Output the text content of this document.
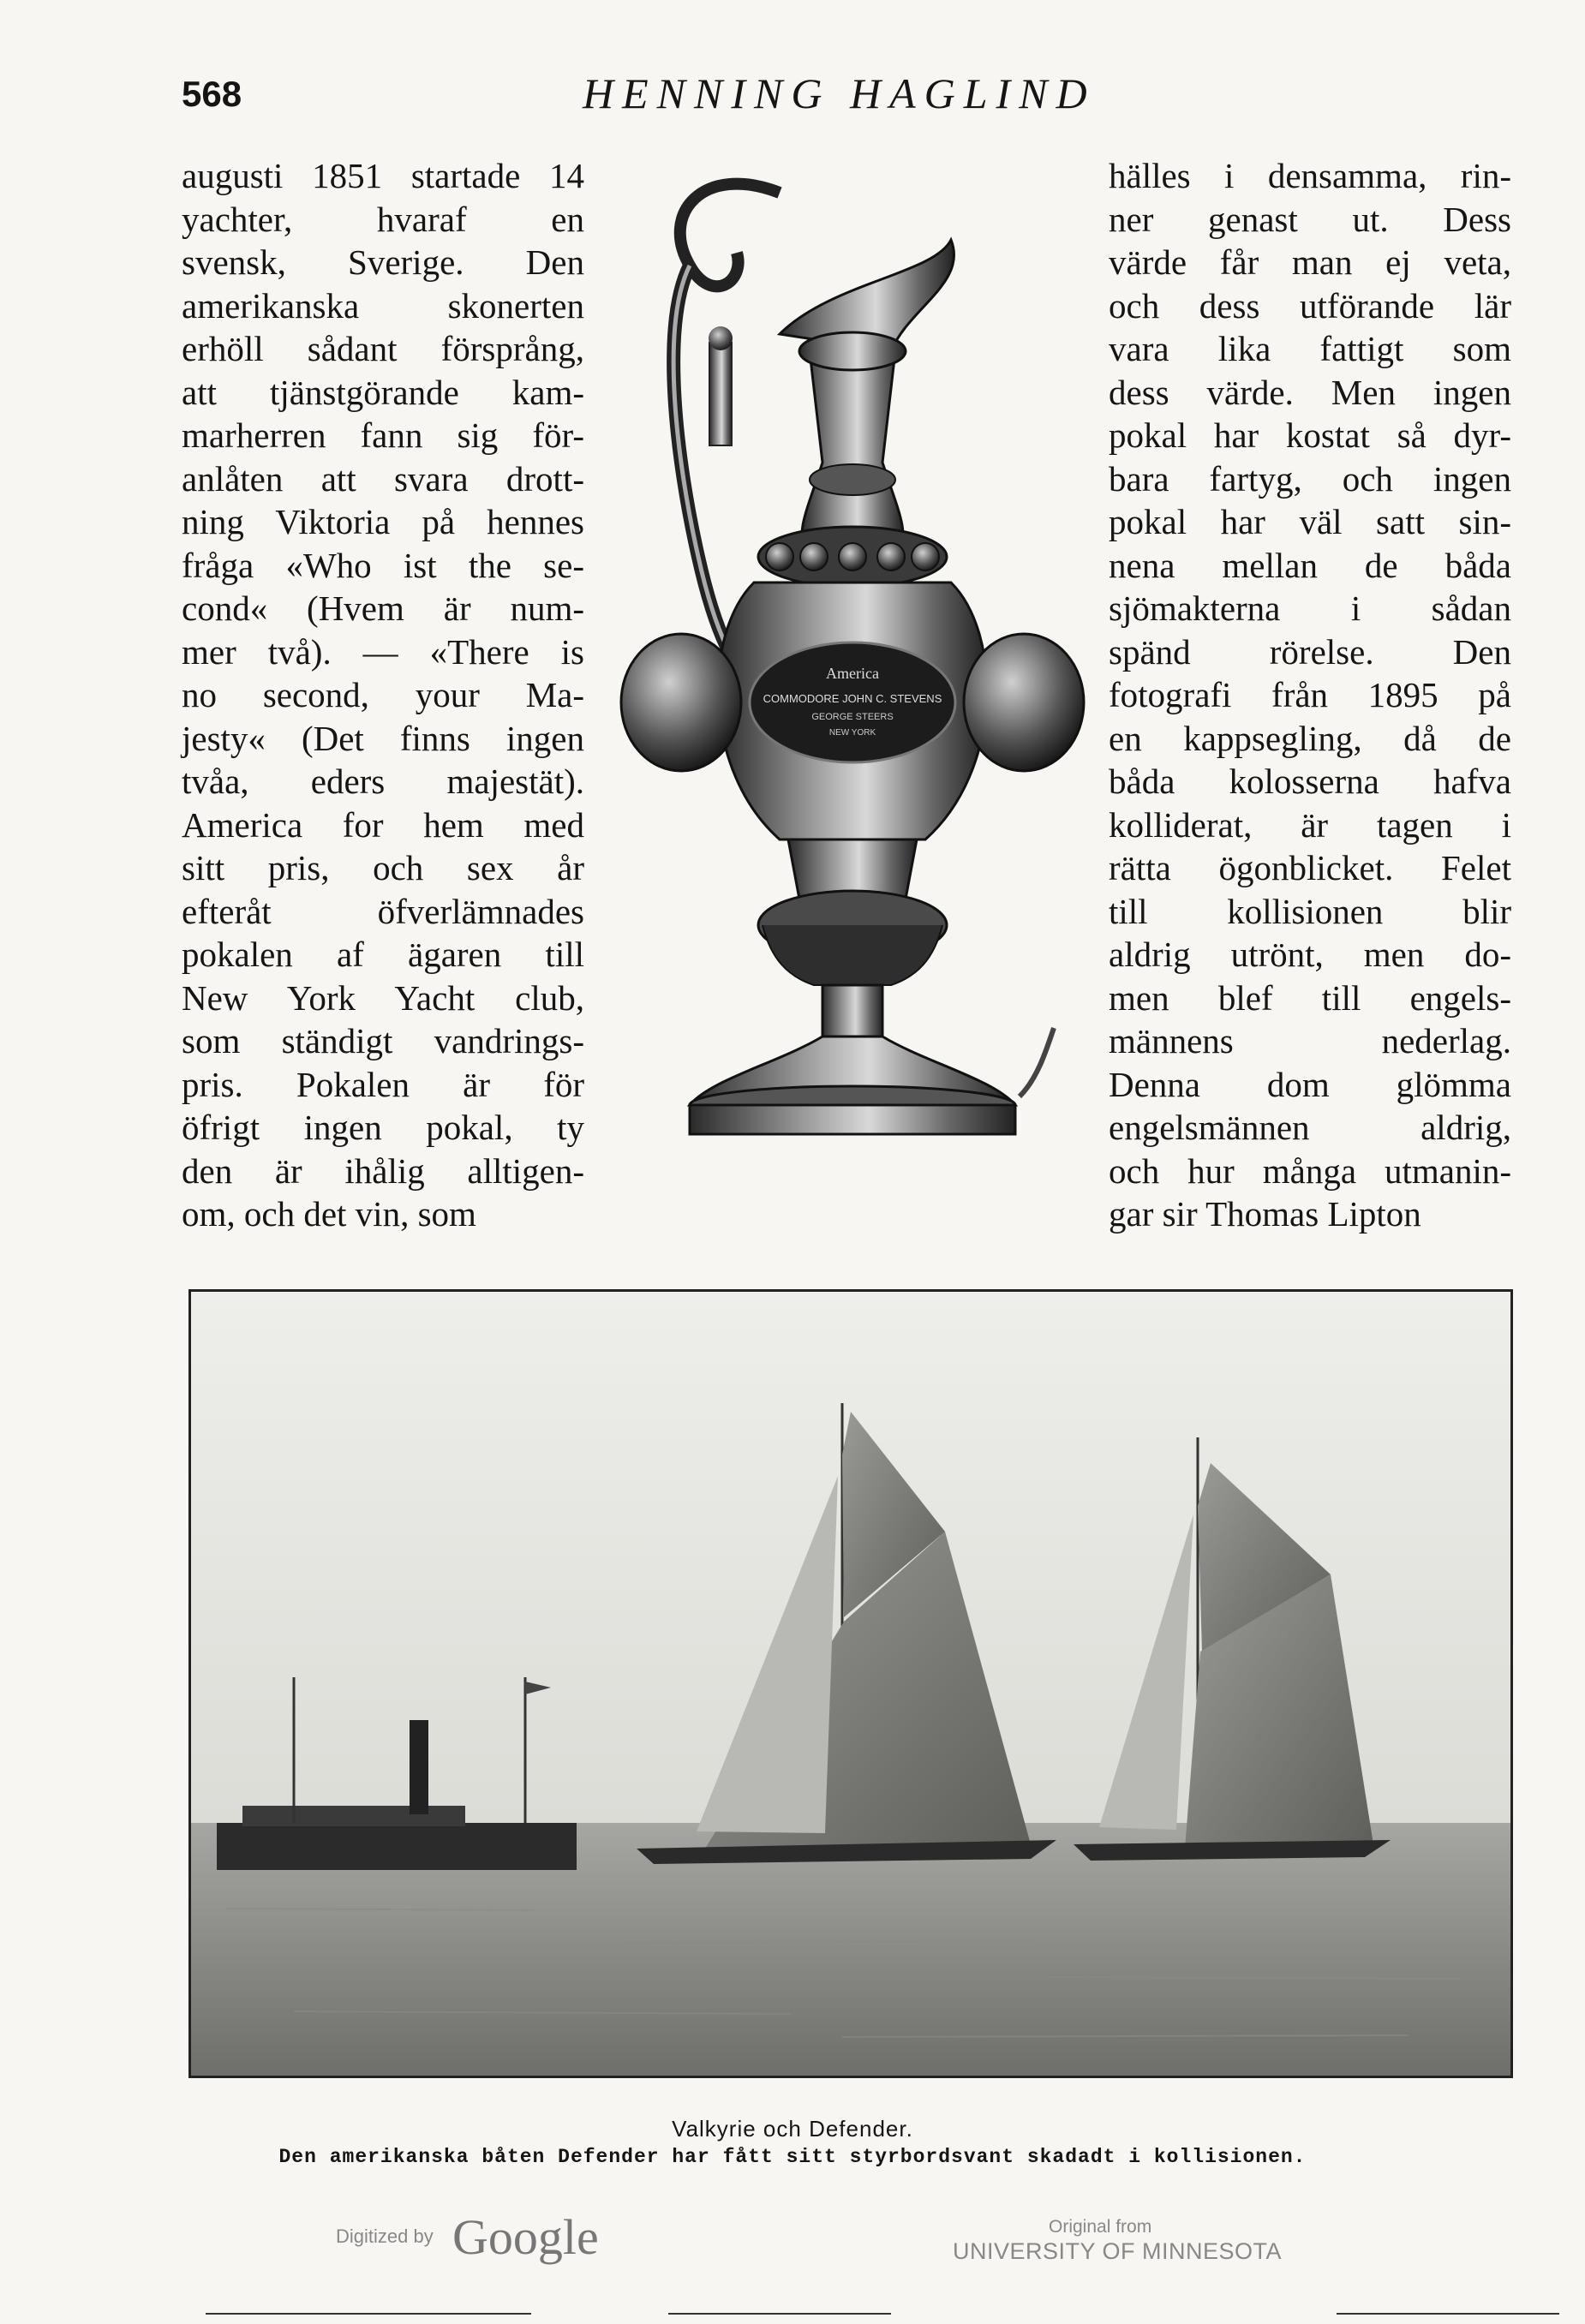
568	HENNING HAGLIND
augusti 1851 startade 14
yachter, hvaraf en
svensk, Sverige. Den
amerikanska skonerten
erhöll sådant försprång,
att tjänstgörande kam-
marherren fann sig för-
anlåten att svara drott-
ning Viktoria på hennes
fråga «Who ist the se-
cond« (Hvem är num-
mer två). — «There is
no second, your Ma-
jesty« (Det finns ingen
tvåa, eders majestät).
America for hem med
sitt pris, och sex år
efteråt öfverlämnades
pokalen af ägaren till
New York Yacht club,
som ständigt vandrings-
pris. Pokalen är för
öfrigt ingen pokal, ty
den är ihålig alltigen-
om, och det vin, som
hälles i densamma, rin-
ner genast ut. Dess
värde får man ej veta,
och dess utförande lär
vara lika fattigt som
dess värde. Men ingen
pokal har kostat så dyr-
bara fartyg, och ingen
pokal har väl satt sin-
nena mellan de båda
sjömakterna i sådan
spänd rörelse. Den
fotografi från 1895 på
en kappsegling, då de
båda kolosserna hafva
kolliderat, är tagen i
rätta ögonblicket. Felet
till kollisionen blir
aldrig utrönt, men do-
men blef till engels-
männens nederlag.
Denna dom glömma
engelsmännen aldrig,
och hur många utmanin-
gar sir Thomas Lipton
America
COMMODORE JOHN C. STEVENS
GEORGE STEERS
NEW YORK
Valkyrie och Defender.
Den amerikanska båten Defender har fått sitt styrbordsvant skadadt i kollisionen.
Digitized by Google	Original from
UNIVERSITY OF MINNESOTA
